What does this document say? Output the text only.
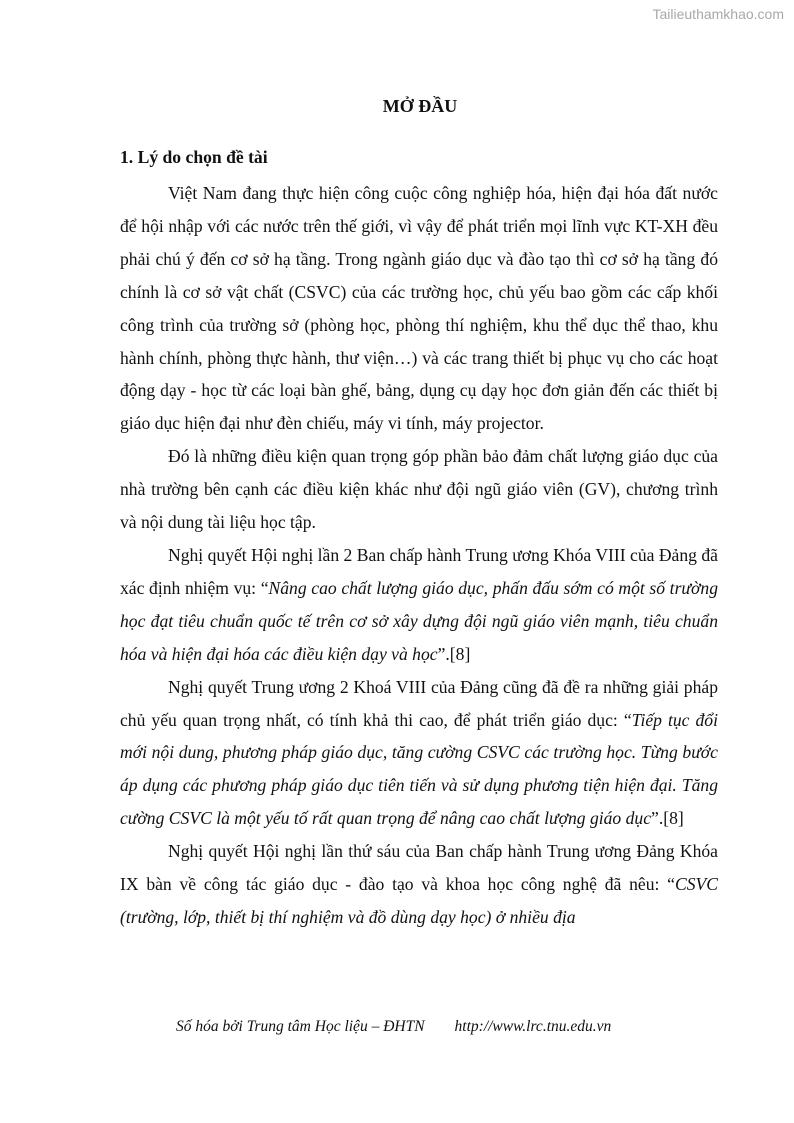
Tailieuthamkhao.com
MỞ ĐẦU
1. Lý do chọn đề tài

Việt Nam đang thực hiện công cuộc công nghiệp hóa, hiện đại hóa đất nước để hội nhập với các nước trên thế giới, vì vậy để phát triển mọi lĩnh vực KT-XH đều phải chú ý đến cơ sở hạ tầng. Trong ngành giáo dục và đào tạo thì cơ sở hạ tầng đó chính là cơ sở vật chất (CSVC) của các trường học, chủ yếu bao gồm các cấp khối công trình của trường sở (phòng học, phòng thí nghiệm, khu thể dục thể thao, khu hành chính, phòng thực hành, thư viện…) và các trang thiết bị phục vụ cho các hoạt động dạy - học từ các loại bàn ghế, bảng, dụng cụ dạy học đơn giản đến các thiết bị giáo dục hiện đại như đèn chiếu, máy vi tính, máy projector.

Đó là những điều kiện quan trọng góp phần bảo đảm chất lượng giáo dục của nhà trường bên cạnh các điều kiện khác như đội ngũ giáo viên (GV), chương trình và nội dung tài liệu học tập.

Nghị quyết Hội nghị lần 2 Ban chấp hành Trung ương Khóa VIII của Đảng đã xác định nhiệm vụ: “Nâng cao chất lượng giáo dục, phấn đấu sớm có một số trường học đạt tiêu chuẩn quốc tế trên cơ sở xây dựng đội ngũ giáo viên mạnh, tiêu chuẩn hóa và hiện đại hóa các điều kiện dạy và học”.[8]

Nghị quyết Trung ương 2 Khoá VIII của Đảng cũng đã đề ra những giải pháp chủ yếu quan trọng nhất, có tính khả thi cao, để phát triển giáo dục: “Tiếp tục đổi mới nội dung, phương pháp giáo dục, tăng cường CSVC các trường học. Từng bước áp dụng các phương pháp giáo dục tiên tiến và sử dụng phương tiện hiện đại. Tăng cường CSVC là một yếu tố rất quan trọng để nâng cao chất lượng giáo dục”.[8]

Nghị quyết Hội nghị lần thứ sáu của Ban chấp hành Trung ương Đảng Khóa IX bàn về công tác giáo dục - đào tạo và khoa học công nghệ đã nêu: “CSVC (trường, lớp, thiết bị thí nghiệm và đồ dùng dạy học) ở nhiều địa

Số hóa bởi Trung tâm Học liệu – ĐHTN http://www.lrc.tnu.edu.vn
